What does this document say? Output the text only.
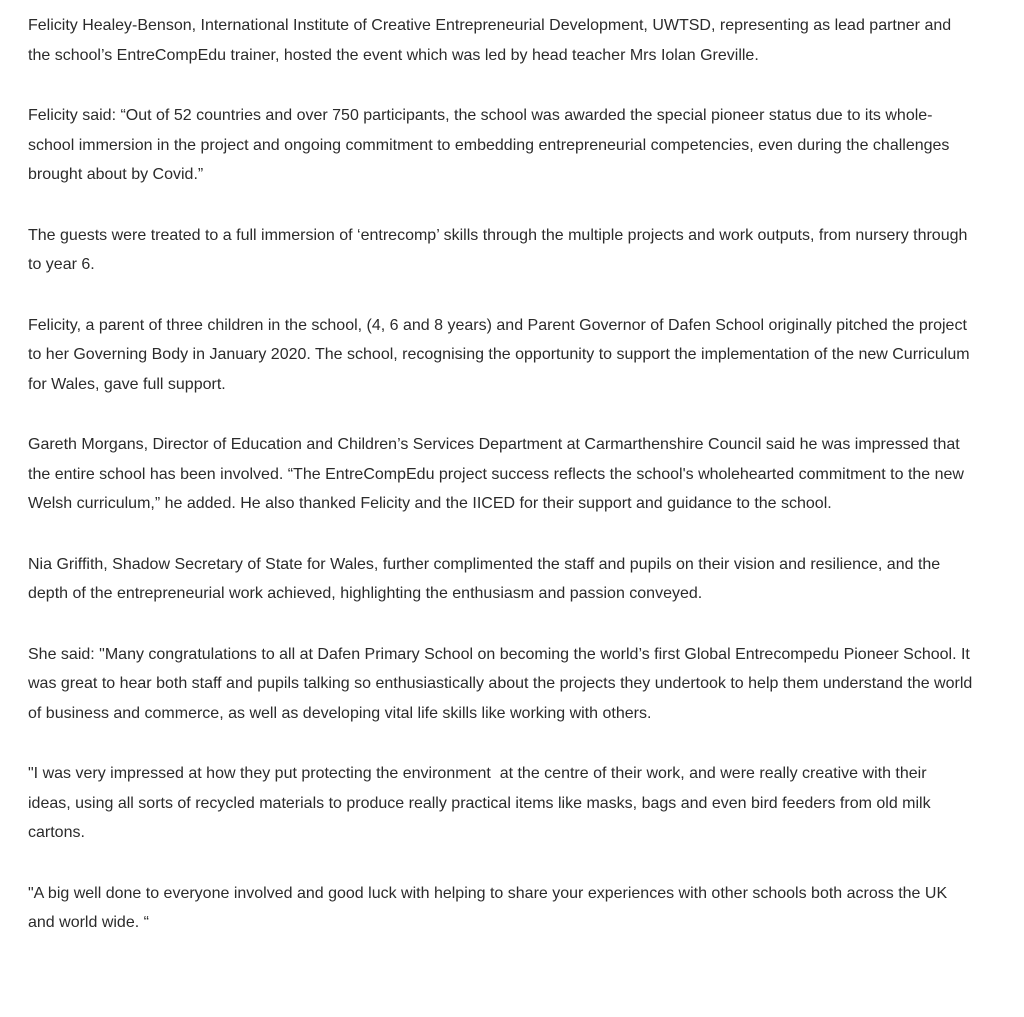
Felicity Healey-Benson, International Institute of Creative Entrepreneurial Development, UWTSD, representing as lead partner and the school’s EntreCompEdu trainer, hosted the event which was led by head teacher Mrs Iolan Greville.

Felicity said: “Out of 52 countries and over 750 participants, the school was awarded the special pioneer status due to its whole-school immersion in the project and ongoing commitment to embedding entrepreneurial competencies, even during the challenges brought about by Covid.”

The guests were treated to a full immersion of ‘entrecomp’ skills through the multiple projects and work outputs, from nursery through to year 6.

Felicity, a parent of three children in the school, (4, 6 and 8 years) and Parent Governor of Dafen School originally pitched the project to her Governing Body in January 2020. The school, recognising the opportunity to support the implementation of the new Curriculum for Wales, gave full support.

Gareth Morgans, Director of Education and Children’s Services Department at Carmarthenshire Council said he was impressed that the entire school has been involved. “The EntreCompEdu project success reflects the school's wholehearted commitment to the new Welsh curriculum,” he added. He also thanked Felicity and the IICED for their support and guidance to the school.

Nia Griffith, Shadow Secretary of State for Wales, further complimented the staff and pupils on their vision and resilience, and the depth of the entrepreneurial work achieved, highlighting the enthusiasm and passion conveyed.

She said: "Many congratulations to all at Dafen Primary School on becoming the world’s first Global Entrecompedu Pioneer School. It was great to hear both staff and pupils talking so enthusiastically about the projects they undertook to help them understand the world of business and commerce, as well as developing vital life skills like working with others.

"I was very impressed at how they put protecting the environment  at the centre of their work, and were really creative with their ideas, using all sorts of recycled materials to produce really practical items like masks, bags and even bird feeders from old milk cartons.

"A big well done to everyone involved and good luck with helping to share your experiences with other schools both across the UK and world wide. “
